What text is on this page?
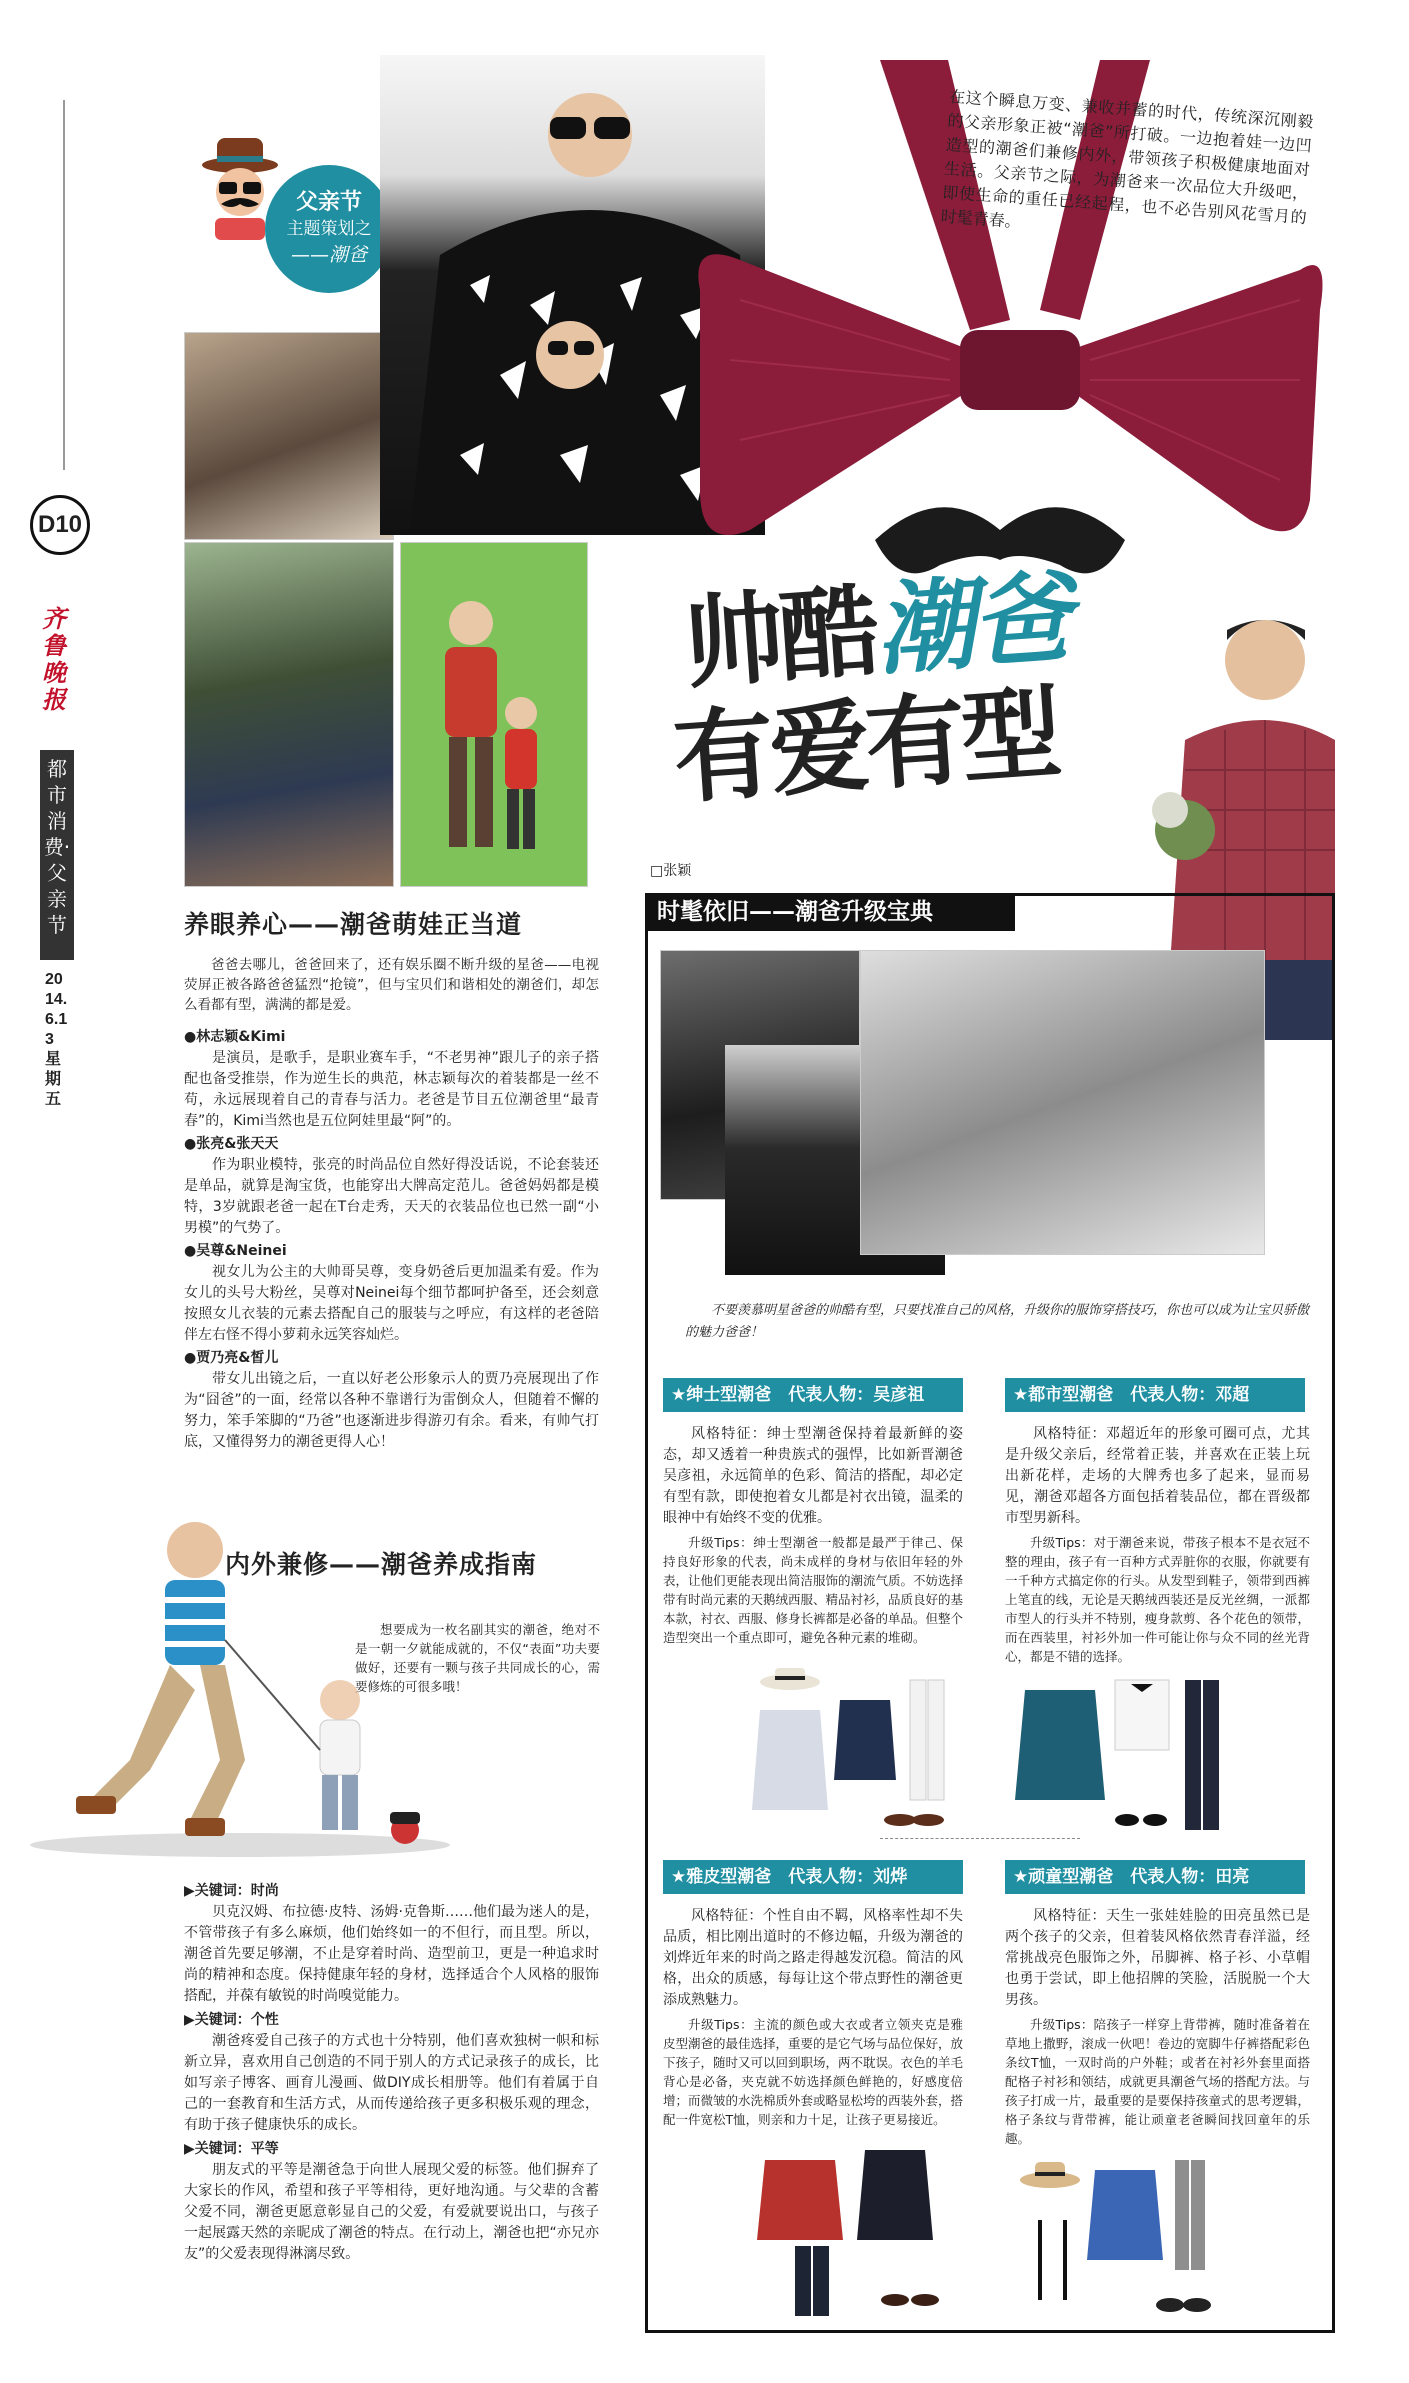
D10
齐鲁晚报
都市消费·父亲节
2014.6.13 星期五
父亲节
主题策划之
——潮爸
在这个瞬息万变、兼收并蓄的时代，传统深沉刚毅的父亲形象正被“潮爸”所打破。一边抱着娃一边凹造型的潮爸们兼修内外，带领孩子积极健康地面对生活。父亲节之际，为潮爸来一次品位大升级吧，即使生命的重任已经起程，也不必告别风花雪月的时髦青春。
帅酷潮爸
有爱有型
□张颖
养眼养心——潮爸萌娃正当道
爸爸去哪儿，爸爸回来了，还有娱乐圈不断升级的星爸——电视荧屏正被各路爸爸猛烈“抢镜”，但与宝贝们和谐相处的潮爸们，却怎么看都有型，满满的都是爱。
●林志颖&Kimi
是演员，是歌手，是职业赛车手，“不老男神”跟儿子的亲子搭配也备受推崇，作为逆生长的典范，林志颖每次的着装都是一丝不苟，永远展现着自己的青春与活力。老爸是节目五位潮爸里“最青春”的，Kimi当然也是五位阿娃里最“阿”的。
●张亮&张天天
作为职业模特，张亮的时尚品位自然好得没话说，不论套装还是单品，就算是淘宝货，也能穿出大牌高定范儿。爸爸妈妈都是模特，3岁就跟老爸一起在T台走秀，天天的衣装品位也已然一副“小男模”的气势了。
●吴尊&Neinei
视女儿为公主的大帅哥吴尊，变身奶爸后更加温柔有爱。作为女儿的头号大粉丝，吴尊对Neinei每个细节都呵护备至，还会刻意按照女儿衣装的元素去搭配自己的服装与之呼应，有这样的老爸陪伴左右怪不得小萝莉永远笑容灿烂。
●贾乃亮&皙儿
带女儿出镜之后，一直以好老公形象示人的贾乃亮展现出了作为“囧爸”的一面，经常以各种不靠谱行为雷倒众人，但随着不懈的努力，笨手笨脚的“乃爸”也逐渐进步得游刃有余。看来，有帅气打底，又懂得努力的潮爸更得人心！
内外兼修——潮爸养成指南
想要成为一枚名副其实的潮爸，绝对不是一朝一夕就能成就的，不仅“表面”功夫要做好，还要有一颗与孩子共同成长的心，需要修炼的可很多哦！
▶关键词：时尚
贝克汉姆、布拉德·皮特、汤姆·克鲁斯……他们最为迷人的是，不管带孩子有多么麻烦，他们始终如一的不但行，而且型。所以，潮爸首先要足够潮，不止是穿着时尚、造型前卫，更是一种追求时尚的精神和态度。保持健康年轻的身材，选择适合个人风格的服饰搭配，并葆有敏锐的时尚嗅觉能力。
▶关键词：个性
潮爸疼爱自己孩子的方式也十分特别，他们喜欢独树一帜和标新立异，喜欢用自己创造的不同于别人的方式记录孩子的成长，比如写亲子博客、画育儿漫画、做DIY成长相册等。他们有着属于自己的一套教育和生活方式，从而传递给孩子更多积极乐观的理念，有助于孩子健康快乐的成长。
▶关键词：平等
朋友式的平等是潮爸急于向世人展现父爱的标签。他们摒弃了大家长的作风，希望和孩子平等相待，更好地沟通。与父辈的含蓄父爱不同，潮爸更愿意彰显自己的父爱，有爱就要说出口，与孩子一起展露天然的亲昵成了潮爸的特点。在行动上，潮爸也把“亦兄亦友”的父爱表现得淋漓尽致。
时髦依旧——潮爸升级宝典
不要羡慕明星爸爸的帅酷有型，只要找准自己的风格，升级你的服饰穿搭技巧，你也可以成为让宝贝骄傲的魅力爸爸！
★绅士型潮爸　代表人物：吴彦祖	★都市型潮爸　代表人物：邓超
★雅皮型潮爸　代表人物：刘烨	★顽童型潮爸　代表人物：田亮
风格特征：绅士型潮爸保持着最新鲜的姿态，却又透着一种贵族式的强悍，比如新晋潮爸吴彦祖，永远简单的色彩、简洁的搭配，却必定有型有款，即使抱着女儿都是衬衣出镜，温柔的眼神中有始终不变的优雅。
升级Tips：绅士型潮爸一般都是最严于律己、保持良好形象的代表，尚未成样的身材与依旧年轻的外表，让他们更能表现出简洁服饰的潮流气质。不妨选择带有时尚元素的天鹅绒西服、精品衬衫，品质良好的基本款，衬衣、西服、修身长裤都是必备的单品。但整个造型突出一个重点即可，避免各种元素的堆砌。
风格特征：邓超近年的形象可圈可点，尤其是升级父亲后，经常着正装，并喜欢在正装上玩出新花样，走场的大牌秀也多了起来，显而易见，潮爸邓超各方面包括着装品位，都在晋级都市型男新科。
升级Tips：对于潮爸来说，带孩子根本不是衣冠不整的理由，孩子有一百种方式弄脏你的衣服，你就要有一千种方式搞定你的行头。从发型到鞋子，领带到西裤上笔直的线，无论是天鹅绒西装还是反光丝绸，一派都市型人的行头并不特别，瘦身款剪、各个花色的领带，而在西装里，衬衫外加一件可能让你与众不同的丝光背心，都是不错的选择。
风格特征：个性自由不羁，风格率性却不失品质，相比刚出道时的不修边幅，升级为潮爸的刘烨近年来的时尚之路走得越发沉稳。简洁的风格，出众的质感，每每让这个带点野性的潮爸更添成熟魅力。
升级Tips：主流的颜色或大衣或者立领夹克是雅皮型潮爸的最佳选择，重要的是它气场与品位保好，放下孩子，随时又可以回到职场，两不耽误。衣色的羊毛背心是必备，夹克就不妨选择颜色鲜艳的，好感度倍增；而微皱的水洗棉质外套或略显松垮的西装外套，搭配一件宽松T恤，则亲和力十足，让孩子更易接近。
风格特征：天生一张娃娃脸的田亮虽然已是两个孩子的父亲，但着装风格依然青春洋溢，经常挑战亮色服饰之外，吊脚裤、格子衫、小草帽也勇于尝试，即上他招牌的笑脸，活脱脱一个大男孩。
升级Tips：陪孩子一样穿上背带裤，随时准备着在草地上撒野，滚成一伙吧！卷边的宽脚牛仔裤搭配彩色条纹T恤，一双时尚的户外鞋；或者在衬衫外套里面搭配格子衬衫和领结，成就更具潮爸气场的搭配方法。与孩子打成一片，最重要的是要保持孩童式的思考逻辑，格子条纹与背带裤，能让顽童老爸瞬间找回童年的乐趣。
